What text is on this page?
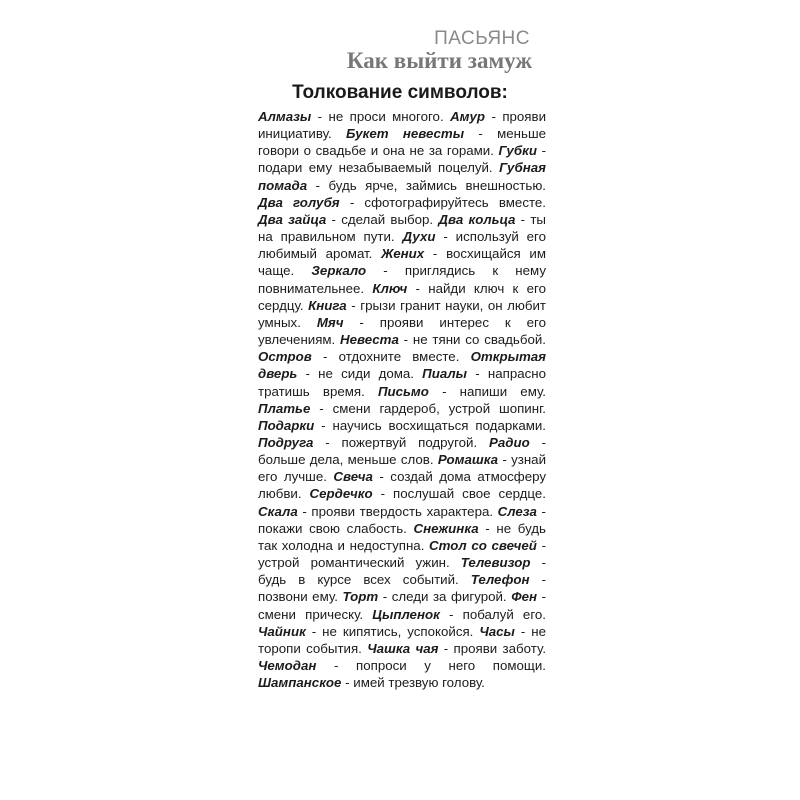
ПАСЬЯНС
Как выйти замуж
Толкование символов:

Алмазы - не проси многого. Амур - прояви инициативу. Букет невесты - меньше говори о свадьбе и она не за горами. Губки - подари ему незабываемый поцелуй. Губная помада - будь ярче, займись внешностью. Два голубя - сфотографируйтесь вместе. Два зайца - сделай выбор. Два кольца - ты на правильном пути. Духи - используй его любимый аромат. Жених - восхищайся им чаще. Зеркало - приглядись к нему повнимательнее. Ключ - найди ключ к его сердцу. Книга - грызи гранит науки, он любит умных. Мяч - прояви интерес к его увлечениям. Невеста - не тяни со свадьбой. Остров - отдохните вместе. Открытая дверь - не сиди дома. Пиалы - напрасно тратишь время. Письмо - напиши ему. Платье - смени гардероб, устрой шопинг. Подарки - научись восхищаться подарками. Подруга - пожертвуй подругой. Радио - больше дела, меньше слов. Ромашка - узнай его лучше. Свеча - создай дома атмосферу любви. Сердечко - послушай свое сердце. Скала - прояви твердость характера. Слеза - покажи свою слабость. Снежинка - не будь так холодна и недоступна. Стол со свечей - устрой романтический ужин. Телевизор - будь в курсе всех событий. Телефон - позвони ему. Торт - следи за фигурой. Фен - смени прическу. Цыпленок - побалуй его. Чайник - не кипятись, успокойся. Часы - не торопи события. Чашка чая - прояви заботу. Чемодан - попроси у него помощи. Шампанское - имей трезвую голову.
